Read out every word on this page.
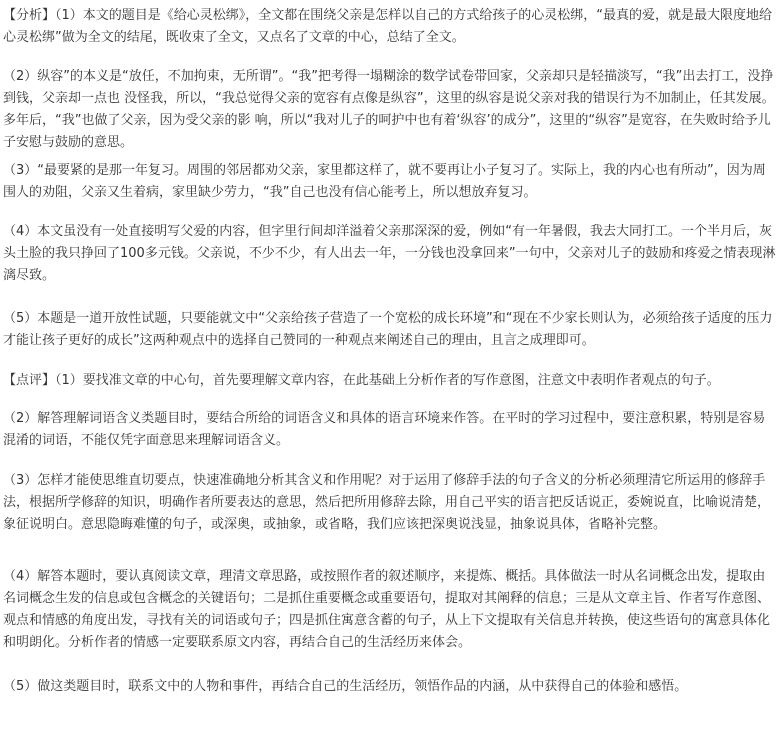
【分析】（1）本文的题目是《给心灵松绑》，全文都在围绕父亲是怎样以自己的方式给孩子的心灵松绑，“最真的爱，就是最大限度地给心灵松绑”做为全文的结尾，既收束了全文，又点名了文章的中心，总结了全文。

（2）纵容”的本义是“放任，不加拘束，无所谓”。“我”把考得一塌糊涂的数学试卷带回家，父亲却只是轻描淡写，“我”出去打工，没挣到钱，父亲却一点也 没怪我，所以，“我总觉得父亲的宽容有点像是纵容”，这里的纵容是说父亲对我的错误行为不加制止，任其发展。多年后，“我”也做了父亲，因为受父亲的影 响，所以“我对儿子的呵护中也有着‘纵容’的成分”，这里的“纵容”是宽容，在失败时给予儿子安慰与鼓励的意思。

（3）“最要紧的是那一年复习。周围的邻居都劝父亲，家里都这样了，就不要再让小子复习了。实际上，我的内心也有所动”，因为周围人的劝阻，父亲又生着病，家里缺少劳力，“我”自己也没有信心能考上，所以想放弃复习。

（4）本文虽没有一处直接明写父爱的内容，但字里行间却洋溢着父亲那深深的爱，例如“有一年暑假，我去大同打工。一个半月后，灰头土脸的我只挣回了100多元钱。父亲说，不少不少，有人出去一年，一分钱也没拿回来”一句中，父亲对儿子的鼓励和疼爱之情表现淋漓尽致。

（5）本题是一道开放性试题，只要能就文中“父亲给孩子营造了一个宽松的成长环境”和“现在不少家长则认为，必须给孩子适度的压力才能让孩子更好的成长”这两种观点中的选择自己赞同的一种观点来阐述自己的理由，且言之成理即可。

【点评】（1）要找准文章的中心句，首先要理解文章内容，在此基础上分析作者的写作意图，注意文中表明作者观点的句子。

（2）解答理解词语含义类题目时，要结合所给的词语含义和具体的语言环境来作答。在平时的学习过程中，要注意积累，特别是容易混淆的词语，不能仅凭字面意思来理解词语含义。

（3）怎样才能使思维直切要点，快速准确地分析其含义和作用呢？对于运用了修辞手法的句子含义的分析必须理清它所运用的修辞手法，根据所学修辞的知识，明确作者所要表达的意思，然后把所用修辞去除，用自己平实的语言把反话说正，委婉说直，比喻说清楚，象征说明白。意思隐晦难懂的句子，或深奥，或抽象，或省略，我们应该把深奥说浅显，抽象说具体，省略补完整。

（4）解答本题时，要认真阅读文章，理清文章思路，或按照作者的叙述顺序，来提炼、概括。具体做法一时从名词概念出发，提取由名词概念生发的信息或包含概念的关键语句；二是抓住重要概念或重要语句，提取对其阐释的信息；三是从文章主旨、作者写作意图、观点和情感的角度出发，寻找有关的词语或句子；四是抓住寓意含蓄的句子，从上下文提取有关信息并转换，使这些语句的寓意具体化和明朗化。分析作者的情感一定要联系原文内容，再结合自己的生活经历来体会。

（5）做这类题目时，联系文中的人物和事件，再结合自己的生活经历，领悟作品的内涵，从中获得自己的体验和感悟。
